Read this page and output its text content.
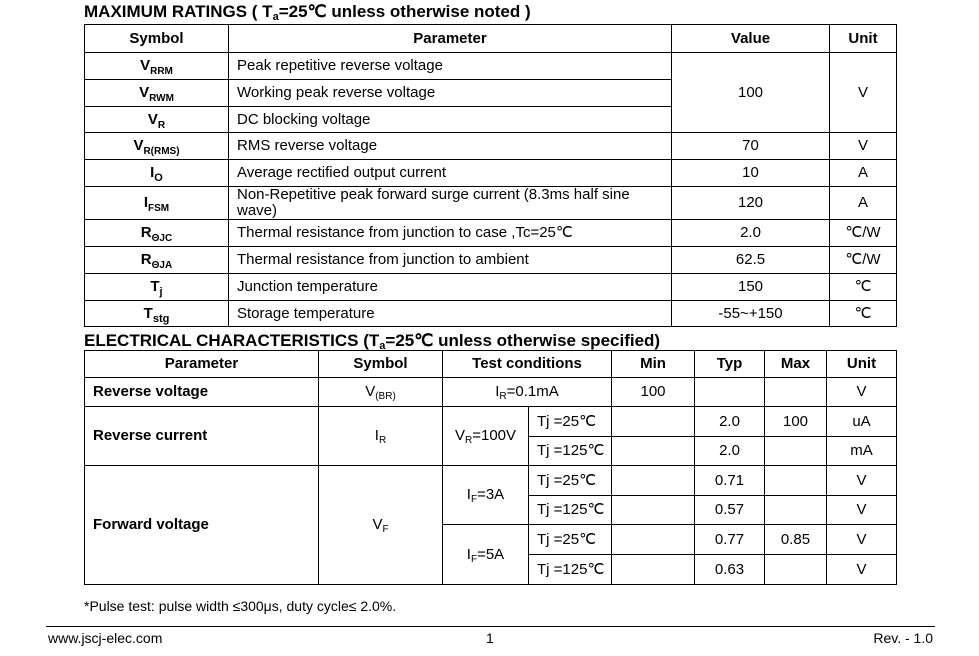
MAXIMUM RATINGS ( $T_a=25℃$ unless otherwise noted )
Symbol	Parameter	Value	Unit
$V_{RRM}$	Peak repetitive reverse voltage	100	V
$V_{RWM}$	Working peak reverse voltage		
$V_R$	DC blocking voltage		
$V_{R(RMS)}$	RMS reverse voltage	70	V
$I_O$	Average rectified output current	10	A
$I_{FSM}$	Non-Repetitive peak forward surge current (8.3ms half sine wave)	120	A
$R_{\Theta JC}$	Thermal resistance from junction to case ,Tc=25℃	2.0	℃/W
$R_{\Theta JA}$	Thermal resistance from junction to ambient	62.5	℃/W
$T_j$	Junction temperature	150	℃
$T_{stg}$	Storage temperature	-55~+150	℃
ELECTRICAL CHARACTERISTICS ($T_a=25℃$ unless otherwise specified)
Parameter	Symbol	Test conditions		Min	Typ	Max	Unit
Reverse voltage	$V_{(BR)}$	$I_R=0.1mA$		100			V
Reverse current	$I_R$	$V_R=100V$	Tj =25℃		2.0	100	uA
			Tj =125℃		2.0		mA
Forward voltage	$V_F$	$I_F=3A$	Tj =25℃		0.71		V
			Tj =125℃		0.57		V
		$I_F=5A$	Tj =25℃		0.77	0.85	V
			Tj =125℃		0.63		V
*Pulse test: pulse width ≤300μs, duty cycle≤ 2.0%.
www.jscj-elec.com	1	Rev. - 1.0
